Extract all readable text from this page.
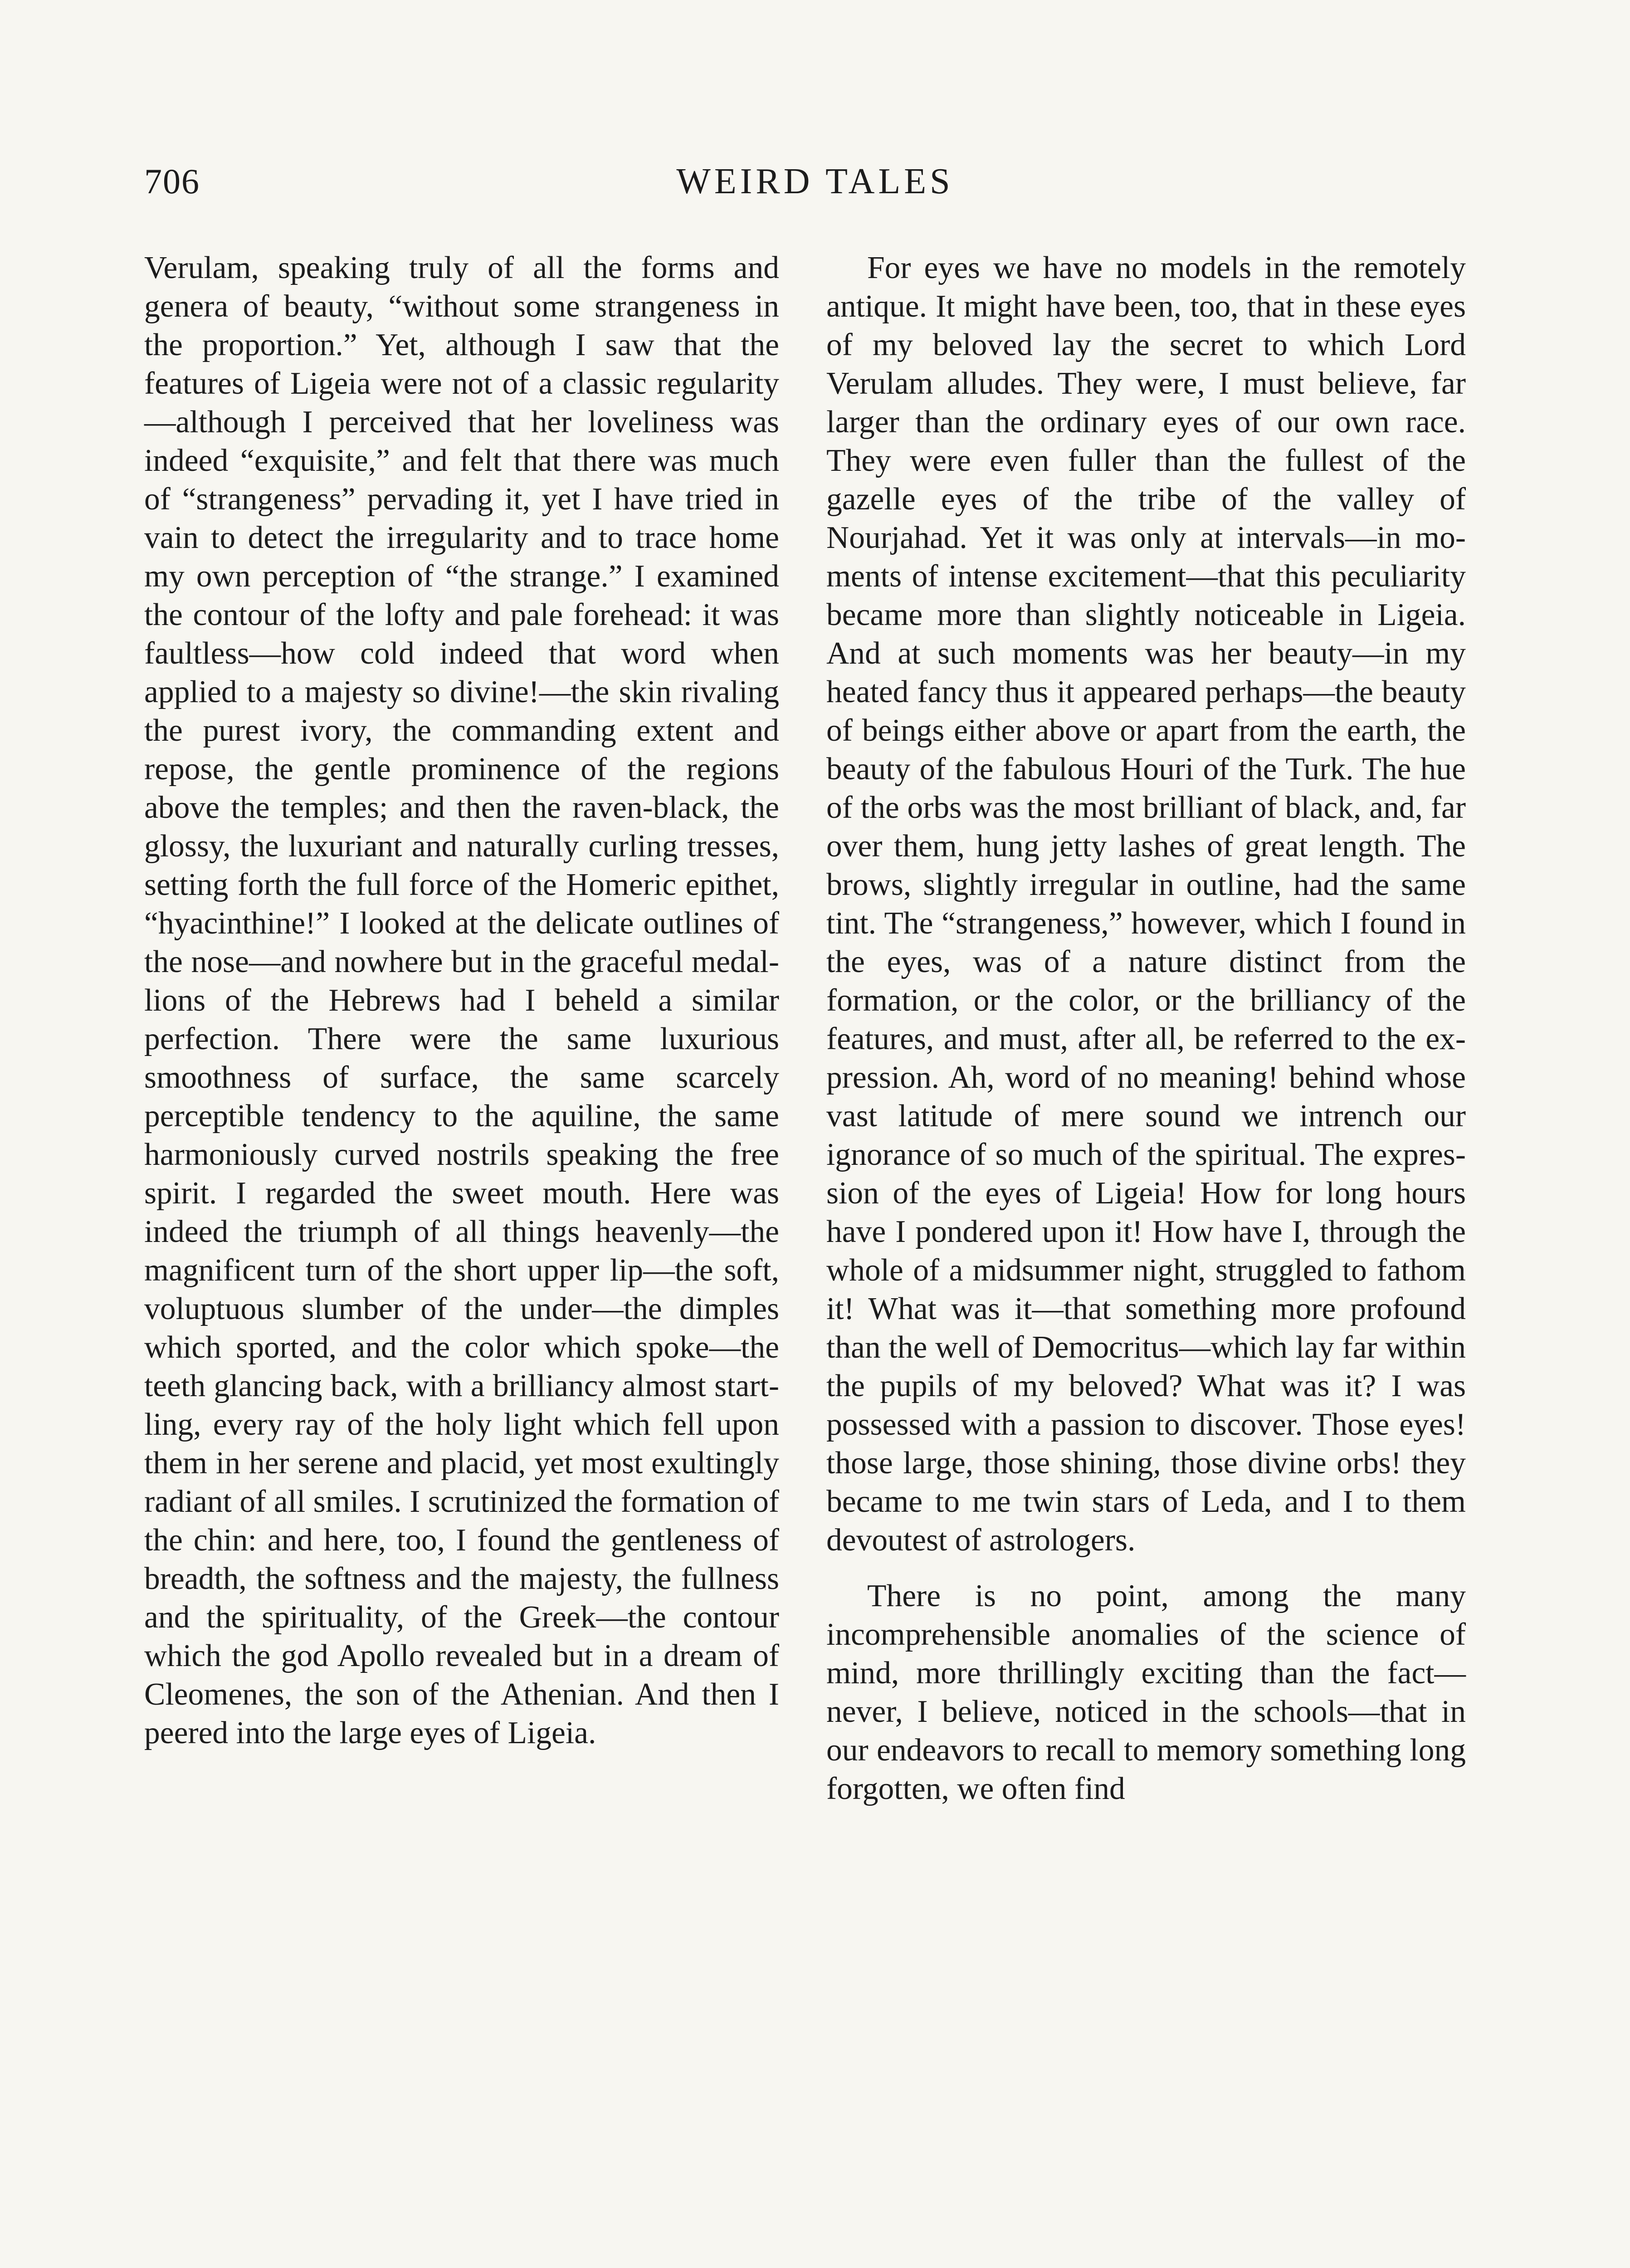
706	WEIRD TALES

Verulam, speaking truly of all the forms and genera of beauty, “without some strangeness in the proportion.” Yet, although I saw that the features of Ligeia were not of a classic regularity—although I perceived that her loveliness was indeed “exquisite,” and felt that there was much of “strangeness” pervading it, yet I have tried in vain to detect the irregularity and to trace home my own perception of “the strange.” I examined the contour of the lofty and pale forehead: it was faultless—how cold indeed that word when applied to a majesty so divine!—the skin rivaling the purest ivory, the commanding extent and repose, the gentle prominence of the regions above the temples; and then the raven-black, the glossy, the luxuriant and naturally curling tresses, setting forth the full force of the Homeric epithet, “hyacinthine!” I looked at the delicate outlines of the nose—and nowhere but in the graceful medallions of the Hebrews had I beheld a similar perfection. There were the same luxurious smoothness of surface, the same scarcely perceptible tendency to the aquiline, the same harmoniously curved nostrils speaking the free spirit. I regarded the sweet mouth. Here was indeed the triumph of all things heavenly—the magnificent turn of the short upper lip—the soft, voluptuous slumber of the under—the dimples which sported, and the color which spoke—the teeth glancing back, with a brilliancy almost startling, every ray of the holy light which fell upon them in her serene and placid, yet most exultingly radiant of all smiles. I scrutinized the formation of the chin: and here, too, I found the gentleness of breadth, the softness and the majesty, the fullness and the spirituality, of the Greek—the contour which the god Apollo revealed but in a dream of Cleomenes, the son of the Athenian. And then I peered into the large eyes of Ligeia.

For eyes we have no models in the remotely antique. It might have been, too, that in these eyes of my beloved lay the secret to which Lord Verulam alludes. They were, I must believe, far larger than the ordinary eyes of our own race. They were even fuller than the fullest of the gazelle eyes of the tribe of the valley of Nourjahad. Yet it was only at intervals—in moments of intense excitement—that this peculiarity became more than slightly noticeable in Ligeia. And at such moments was her beauty—in my heated fancy thus it appeared perhaps—the beauty of beings either above or apart from the earth, the beauty of the fabulous Houri of the Turk. The hue of the orbs was the most brilliant of black, and, far over them, hung jetty lashes of great length. The brows, slightly irregular in outline, had the same tint. The “strangeness,” however, which I found in the eyes, was of a nature distinct from the formation, or the color, or the brilliancy of the features, and must, after all, be referred to the expression. Ah, word of no meaning! behind whose vast latitude of mere sound we intrench our ignorance of so much of the spiritual. The expression of the eyes of Ligeia! How for long hours have I pondered upon it! How have I, through the whole of a midsummer night, struggled to fathom it! What was it—that something more profound than the well of Democritus—which lay far within the pupils of my beloved? What was it? I was possessed with a passion to discover. Those eyes! those large, those shining, those divine orbs! they became to me twin stars of Leda, and I to them devoutest of astrologers.

There is no point, among the many incomprehensible anomalies of the science of mind, more thrillingly exciting than the fact—never, I believe, noticed in the schools—that in our endeavors to recall to memory something long forgotten, we often find
